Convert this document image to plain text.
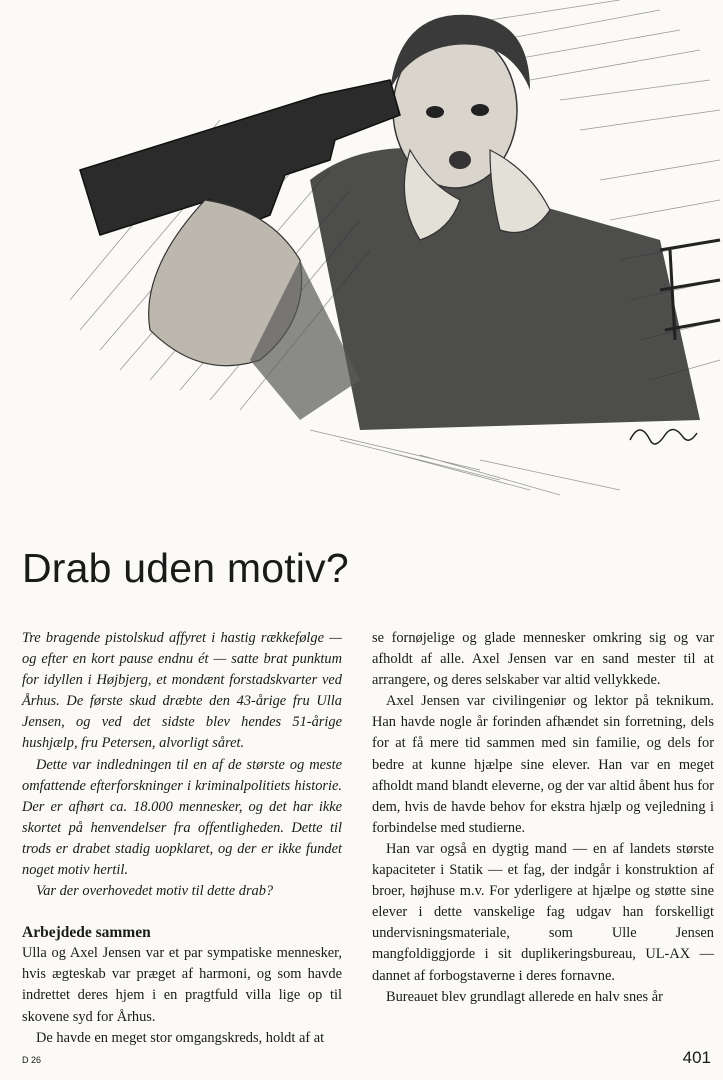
Drab uden motiv?

Tre bragende pistolskud affyret i hastig rækkefølge — og efter en kort pause endnu ét — satte brat punktum for idyllen i Højbjerg, et mondænt forstadskvarter ved Århus. De første skud dræbte den 43-årige fru Ulla Jensen, og ved det sidste blev hendes 51-årige hushjælp, fru Petersen, alvorligt såret.

Dette var indledningen til en af de største og meste omfattende efterforskninger i kriminalpolitiets historie. Der er afhørt ca. 18.000 mennesker, og det har ikke skortet på henvendelser fra offentligheden. Dette til trods er drabet stadig uopklaret, og der er ikke fundet noget motiv hertil.

Var der overhovedet motiv til dette drab?

Arbejdede sammen

Ulla og Axel Jensen var et par sympatiske mennesker, hvis ægteskab var præget af harmoni, og som havde indrettet deres hjem i en pragtfuld villa lige op til skovene syd for Århus.

De havde en meget stor omgangskreds, holdt af at

se fornøjelige og glade mennesker omkring sig og var afholdt af alle. Axel Jensen var en sand mester til at arrangere, og deres selskaber var altid vellykkede.

Axel Jensen var civilingeniør og lektor på teknikum. Han havde nogle år forinden afhændet sin forretning, dels for at få mere tid sammen med sin familie, og dels for bedre at kunne hjælpe sine elever. Han var en meget afholdt mand blandt eleverne, og der var altid åbent hus for dem, hvis de havde behov for ekstra hjælp og vejledning i forbindelse med studierne.

Han var også en dygtig mand — en af landets største kapaciteter i Statik — et fag, der indgår i konstruktion af broer, højhuse m.v. For yderligere at hjælpe og støtte sine elever i dette vanskelige fag udgav han forskelligt undervisningsmateriale, som Ulle Jensen mangfoldiggjorde i sit duplikeringsbureau, UL-AX — dannet af forbogstaverne i deres fornavne.

Bureauet blev grundlagt allerede en halv snes år

D 26	401
